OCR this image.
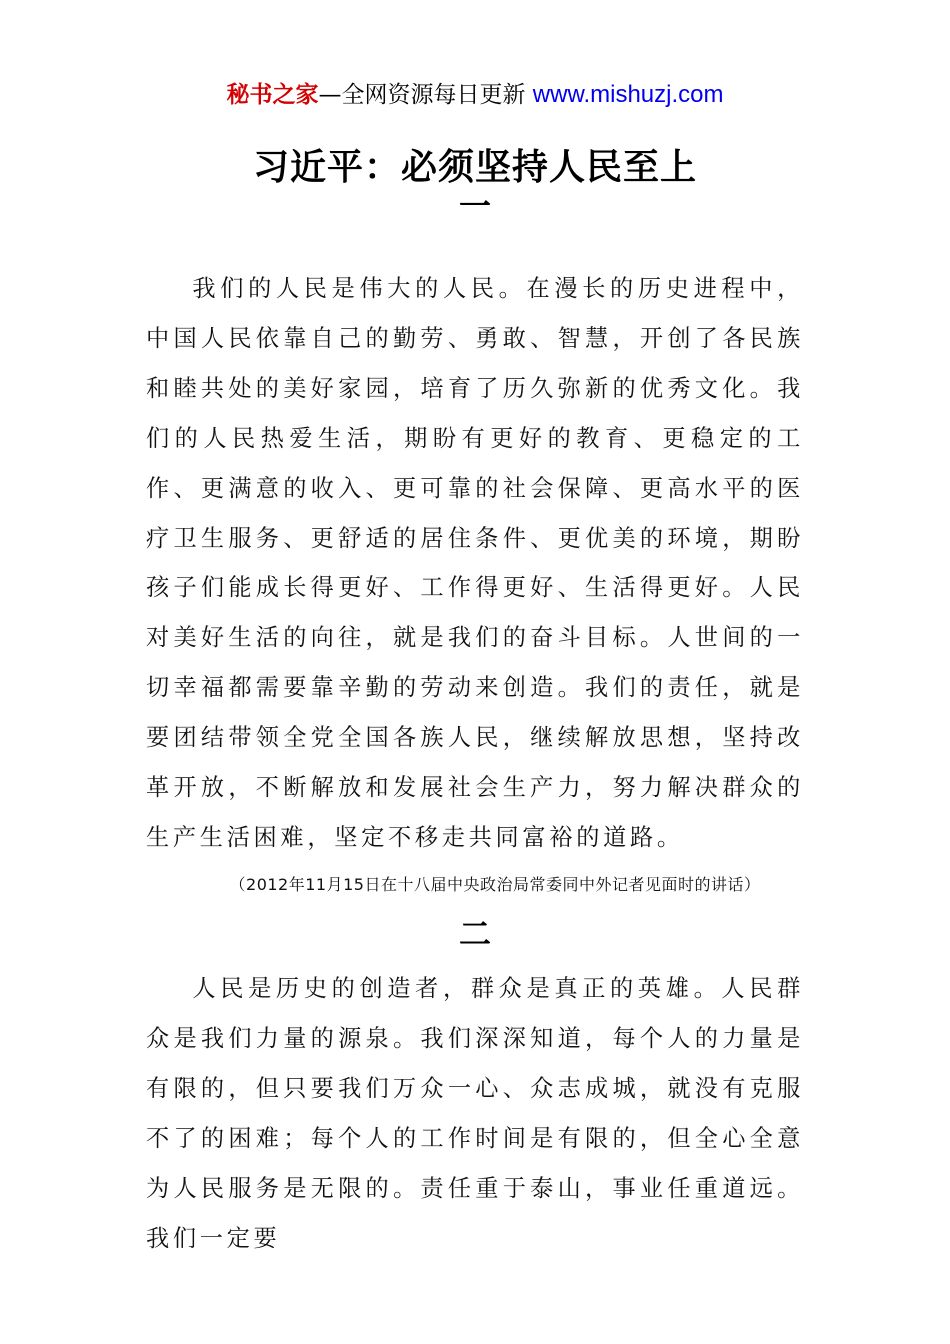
秘书之家—全网资源每日更新 www.mishuzj.com
习近平：必须坚持人民至上
一

我们的人民是伟大的人民。在漫长的历史进程中，中国人民依靠自己的勤劳、勇敢、智慧，开创了各民族和睦共处的美好家园，培育了历久弥新的优秀文化。我们的人民热爱生活，期盼有更好的教育、更稳定的工作、更满意的收入、更可靠的社会保障、更高水平的医疗卫生服务、更舒适的居住条件、更优美的环境，期盼孩子们能成长得更好、工作得更好、生活得更好。人民对美好生活的向往，就是我们的奋斗目标。人世间的一切幸福都需要靠辛勤的劳动来创造。我们的责任，就是要团结带领全党全国各族人民，继续解放思想，坚持改革开放，不断解放和发展社会生产力，努力解决群众的生产生活困难，坚定不移走共同富裕的道路。

（2012年11月15日在十八届中央政治局常委同中外记者见面时的讲话）
二

人民是历史的创造者，群众是真正的英雄。人民群众是我们力量的源泉。我们深深知道，每个人的力量是有限的，但只要我们万众一心、众志成城，就没有克服不了的困难；每个人的工作时间是有限的，但全心全意为人民服务是无限的。责任重于泰山，事业任重道远。我们一定要
